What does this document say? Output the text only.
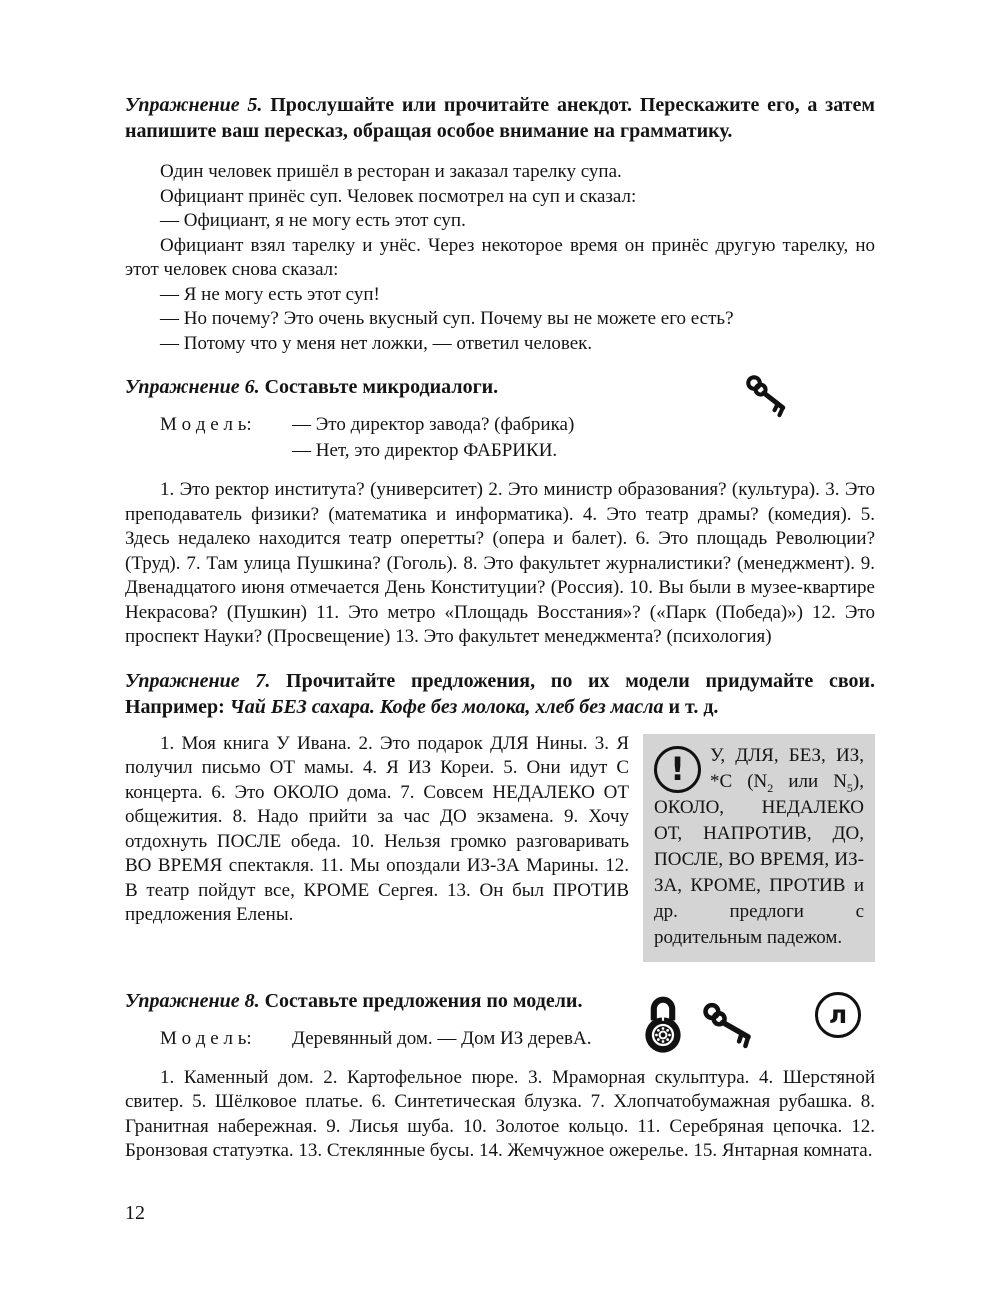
Упражнение 5. Прослушайте или прочитайте анекдот. Перескажите его, а затем напишите ваш пересказ, обращая особое внимание на грамматику.

Один человек пришёл в ресторан и заказал тарелку супа.

Официант принёс суп. Человек посмотрел на суп и сказал:

— Официант, я не могу есть этот суп.

Официант взял тарелку и унёс. Через некоторое время он принёс другую тарелку, но этот человек снова сказал:

— Я не могу есть этот суп!

— Но почему? Это очень вкусный суп. Почему вы не можете его есть?

— Потому что у меня нет ложки, — ответил человек.

Упражнение 6. Составьте микродиалоги.

М о д е л ь:	— Это директор завода? (фабрика)
— Нет, это директор ФАБРИКИ.

1. Это ректор института? (университет) 2. Это министр образования? (культура). 3. Это преподаватель физики? (математика и информатика). 4. Это театр драмы? (комедия). 5. Здесь недалеко находится театр оперетты? (опера и балет). 6. Это площадь Революции? (Труд). 7. Там улица Пушкина? (Гоголь). 8. Это факультет журналистики? (менеджмент). 9. Двенадцатого июня отмечается День Конституции? (Россия). 10. Вы были в музее-квартире Некрасова? (Пушкин) 11. Это метро «Площадь Восстания»? («Парк (Победа)») 12. Это проспект Науки? (Просвещение) 13. Это факультет менеджмента? (психология)

Упражнение 7. Прочитайте предложения, по их модели придумайте свои. Например: Чай БЕЗ сахара. Кофе без молока, хлеб без масла и т. д.

!	У, ДЛЯ, БЕЗ, ИЗ, *С ($N_2$ или $N_5$), ОКОЛО, НЕДАЛЕКО ОТ, НАПРОТИВ, ДО, ПОСЛЕ, ВО ВРЕМЯ, ИЗ-ЗА, КРОМЕ, ПРОТИВ и др. предлоги с родительным падежом.

1. Моя книга У Ивана. 2. Это подарок ДЛЯ Нины. 3. Я получил письмо ОТ мамы. 4. Я ИЗ Кореи. 5. Они идут С концерта. 6. Это ОКОЛО дома. 7. Совсем НЕДАЛЕКО ОТ общежития. 8. Надо прийти за час ДО экзамена. 9. Хочу отдохнуть ПОСЛЕ обеда. 10. Нельзя громко разговаривать ВО ВРЕМЯ спектакля. 11. Мы опоздали ИЗ-ЗА Марины. 12. В театр пойдут все, КРОМЕ Сергея. 13. Он был ПРОТИВ предложения Елены.

Упражнение 8. Составьте предложения по модели.	л
М о д е л ь:	Деревянный дом. — Дом ИЗ деревА.

1. Каменный дом. 2. Картофельное пюре. 3. Мраморная скульптура. 4. Шерстяной свитер. 5. Шёлковое платье. 6. Синтетическая блузка. 7. Хлопчатобумажная рубашка. 8. Гранитная набережная. 9. Лисья шуба. 10. Золотое кольцо. 11. Серебряная цепочка. 12. Бронзовая статуэтка. 13. Стеклянные бусы. 14. Жемчужное ожерелье. 15. Янтарная комната.

12
